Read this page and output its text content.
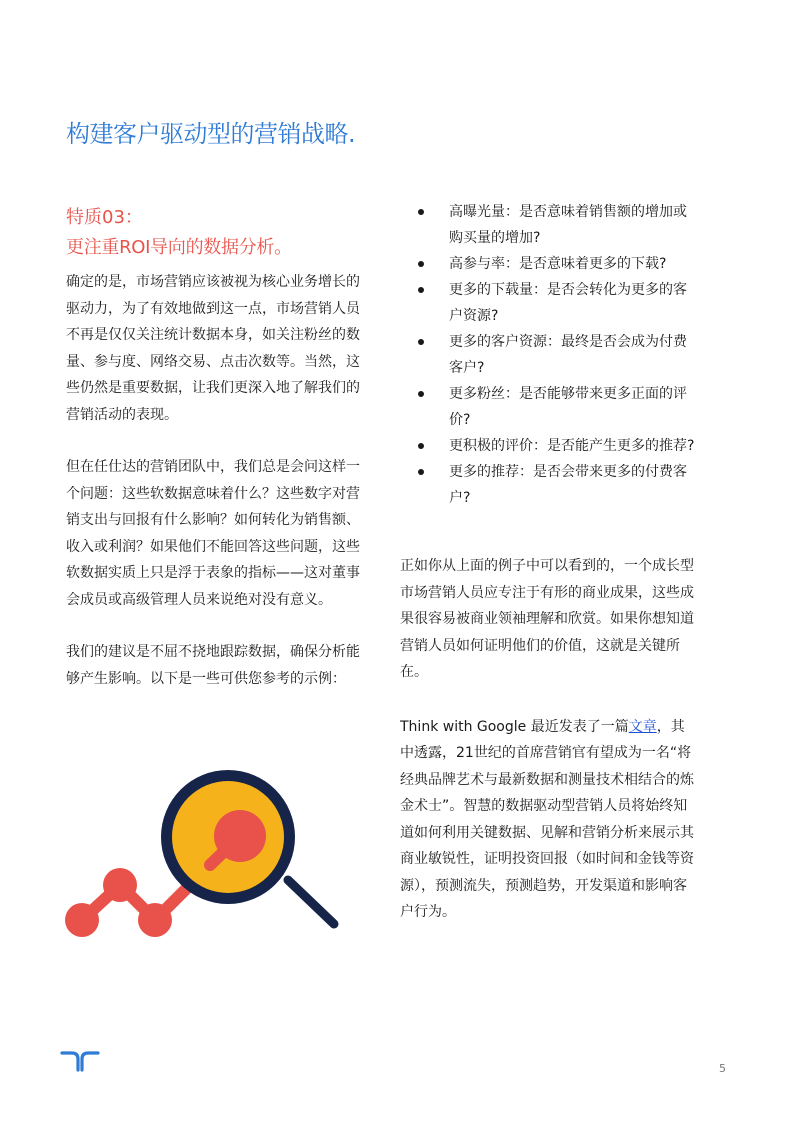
构建客户驱动型的营销战略.
特质03：
更注重ROI导向的数据分析。

确定的是，市场营销应该被视为核心业务增长的驱动力，为了有效地做到这一点，市场营销人员不再是仅仅关注统计数据本身，如关注粉丝的数量、参与度、网络交易、点击次数等。当然，这些仍然是重要数据，让我们更深入地了解我们的营销活动的表现。

但在任仕达的营销团队中，我们总是会问这样一个问题：这些软数据意味着什么？这些数字对营销支出与回报有什么影响？如何转化为销售额、收入或利润？如果他们不能回答这些问题，这些软数据实质上只是浮于表象的指标——这对董事会成员或高级管理人员来说绝对没有意义。

我们的建议是不屈不挠地跟踪数据，确保分析能够产生影响。以下是一些可供您参考的示例：

高曝光量：是否意味着销售额的增加或购买量的增加?
高参与率：是否意味着更多的下载?
更多的下载量：是否会转化为更多的客户资源?
更多的客户资源：最终是否会成为付费客户?
更多粉丝：是否能够带来更多正面的评价?
更积极的评价：是否能产生更多的推荐?
更多的推荐：是否会带来更多的付费客户?

正如你从上面的例子中可以看到的，一个成长型市场营销人员应专注于有形的商业成果，这些成果很容易被商业领袖理解和欣赏。如果你想知道营销人员如何证明他们的价值，这就是关键所在。

Think with Google 最近发表了一篇文章，其中透露，21世纪的首席营销官有望成为一名“将经典品牌艺术与最新数据和测量技术相结合的炼金术士”。智慧的数据驱动型营销人员将始终知道如何利用关键数据、见解和营销分析来展示其商业敏锐性，证明投资回报（如时间和金钱等资源），预测流失，预测趋势，开发渠道和影响客户行为。

5
